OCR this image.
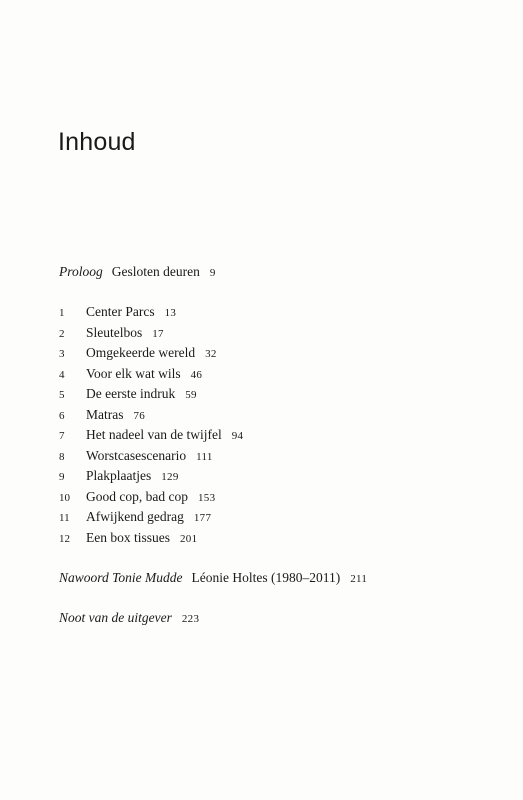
Inhoud
Proloog Gesloten deuren 9
1 Center Parcs 13
2 Sleutelbos 17
3 Omgekeerde wereld 32
4 Voor elk wat wils 46
5 De eerste indruk 59
6 Matras 76
7 Het nadeel van de twijfel 94
8 Worstcasescenario 111
9 Plakplaatjes 129
10 Good cop, bad cop 153
11 Afwijkend gedrag 177
12 Een box tissues 201
Nawoord Tonie Mudde Léonie Holtes (1980–2011) 211
Noot van de uitgever 223
